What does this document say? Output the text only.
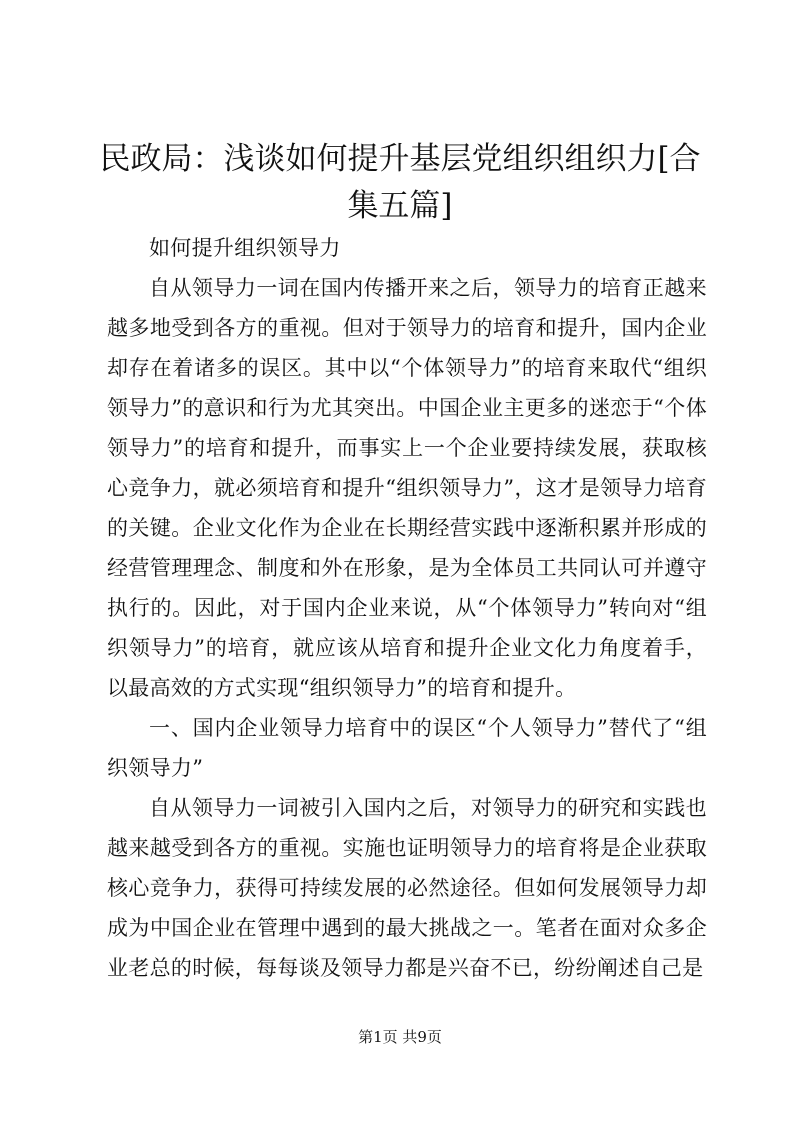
民政局：浅谈如何提升基层党组织组织力[合集五篇]

如何提升组织领导力

自从领导力一词在国内传播开来之后，领导力的培育正越来越多地受到各方的重视。但对于领导力的培育和提升，国内企业却存在着诸多的误区。其中以“个体领导力”的培育来取代“组织领导力”的意识和行为尤其突出。中国企业主更多的迷恋于“个体领导力”的培育和提升，而事实上一个企业要持续发展，获取核心竞争力，就必须培育和提升“组织领导力”，这才是领导力培育的关键。企业文化作为企业在长期经营实践中逐渐积累并形成的经营管理理念、制度和外在形象，是为全体员工共同认可并遵守执行的。因此，对于国内企业来说，从“个体领导力”转向对“组织领导力”的培育，就应该从培育和提升企业文化力角度着手，以最高效的方式实现“组织领导力”的培育和提升。

一、国内企业领导力培育中的误区“个人领导力”替代了“组织领导力”

自从领导力一词被引入国内之后，对领导力的研究和实践也越来越受到各方的重视。实施也证明领导力的培育将是企业获取核心竞争力，获得可持续发展的必然途径。但如何发展领导力却成为中国企业在管理中遇到的最大挑战之一。笔者在面对众多企业老总的时候，每每谈及领导力都是兴奋不已，纷纷阐述自己是

第1页 共9页
